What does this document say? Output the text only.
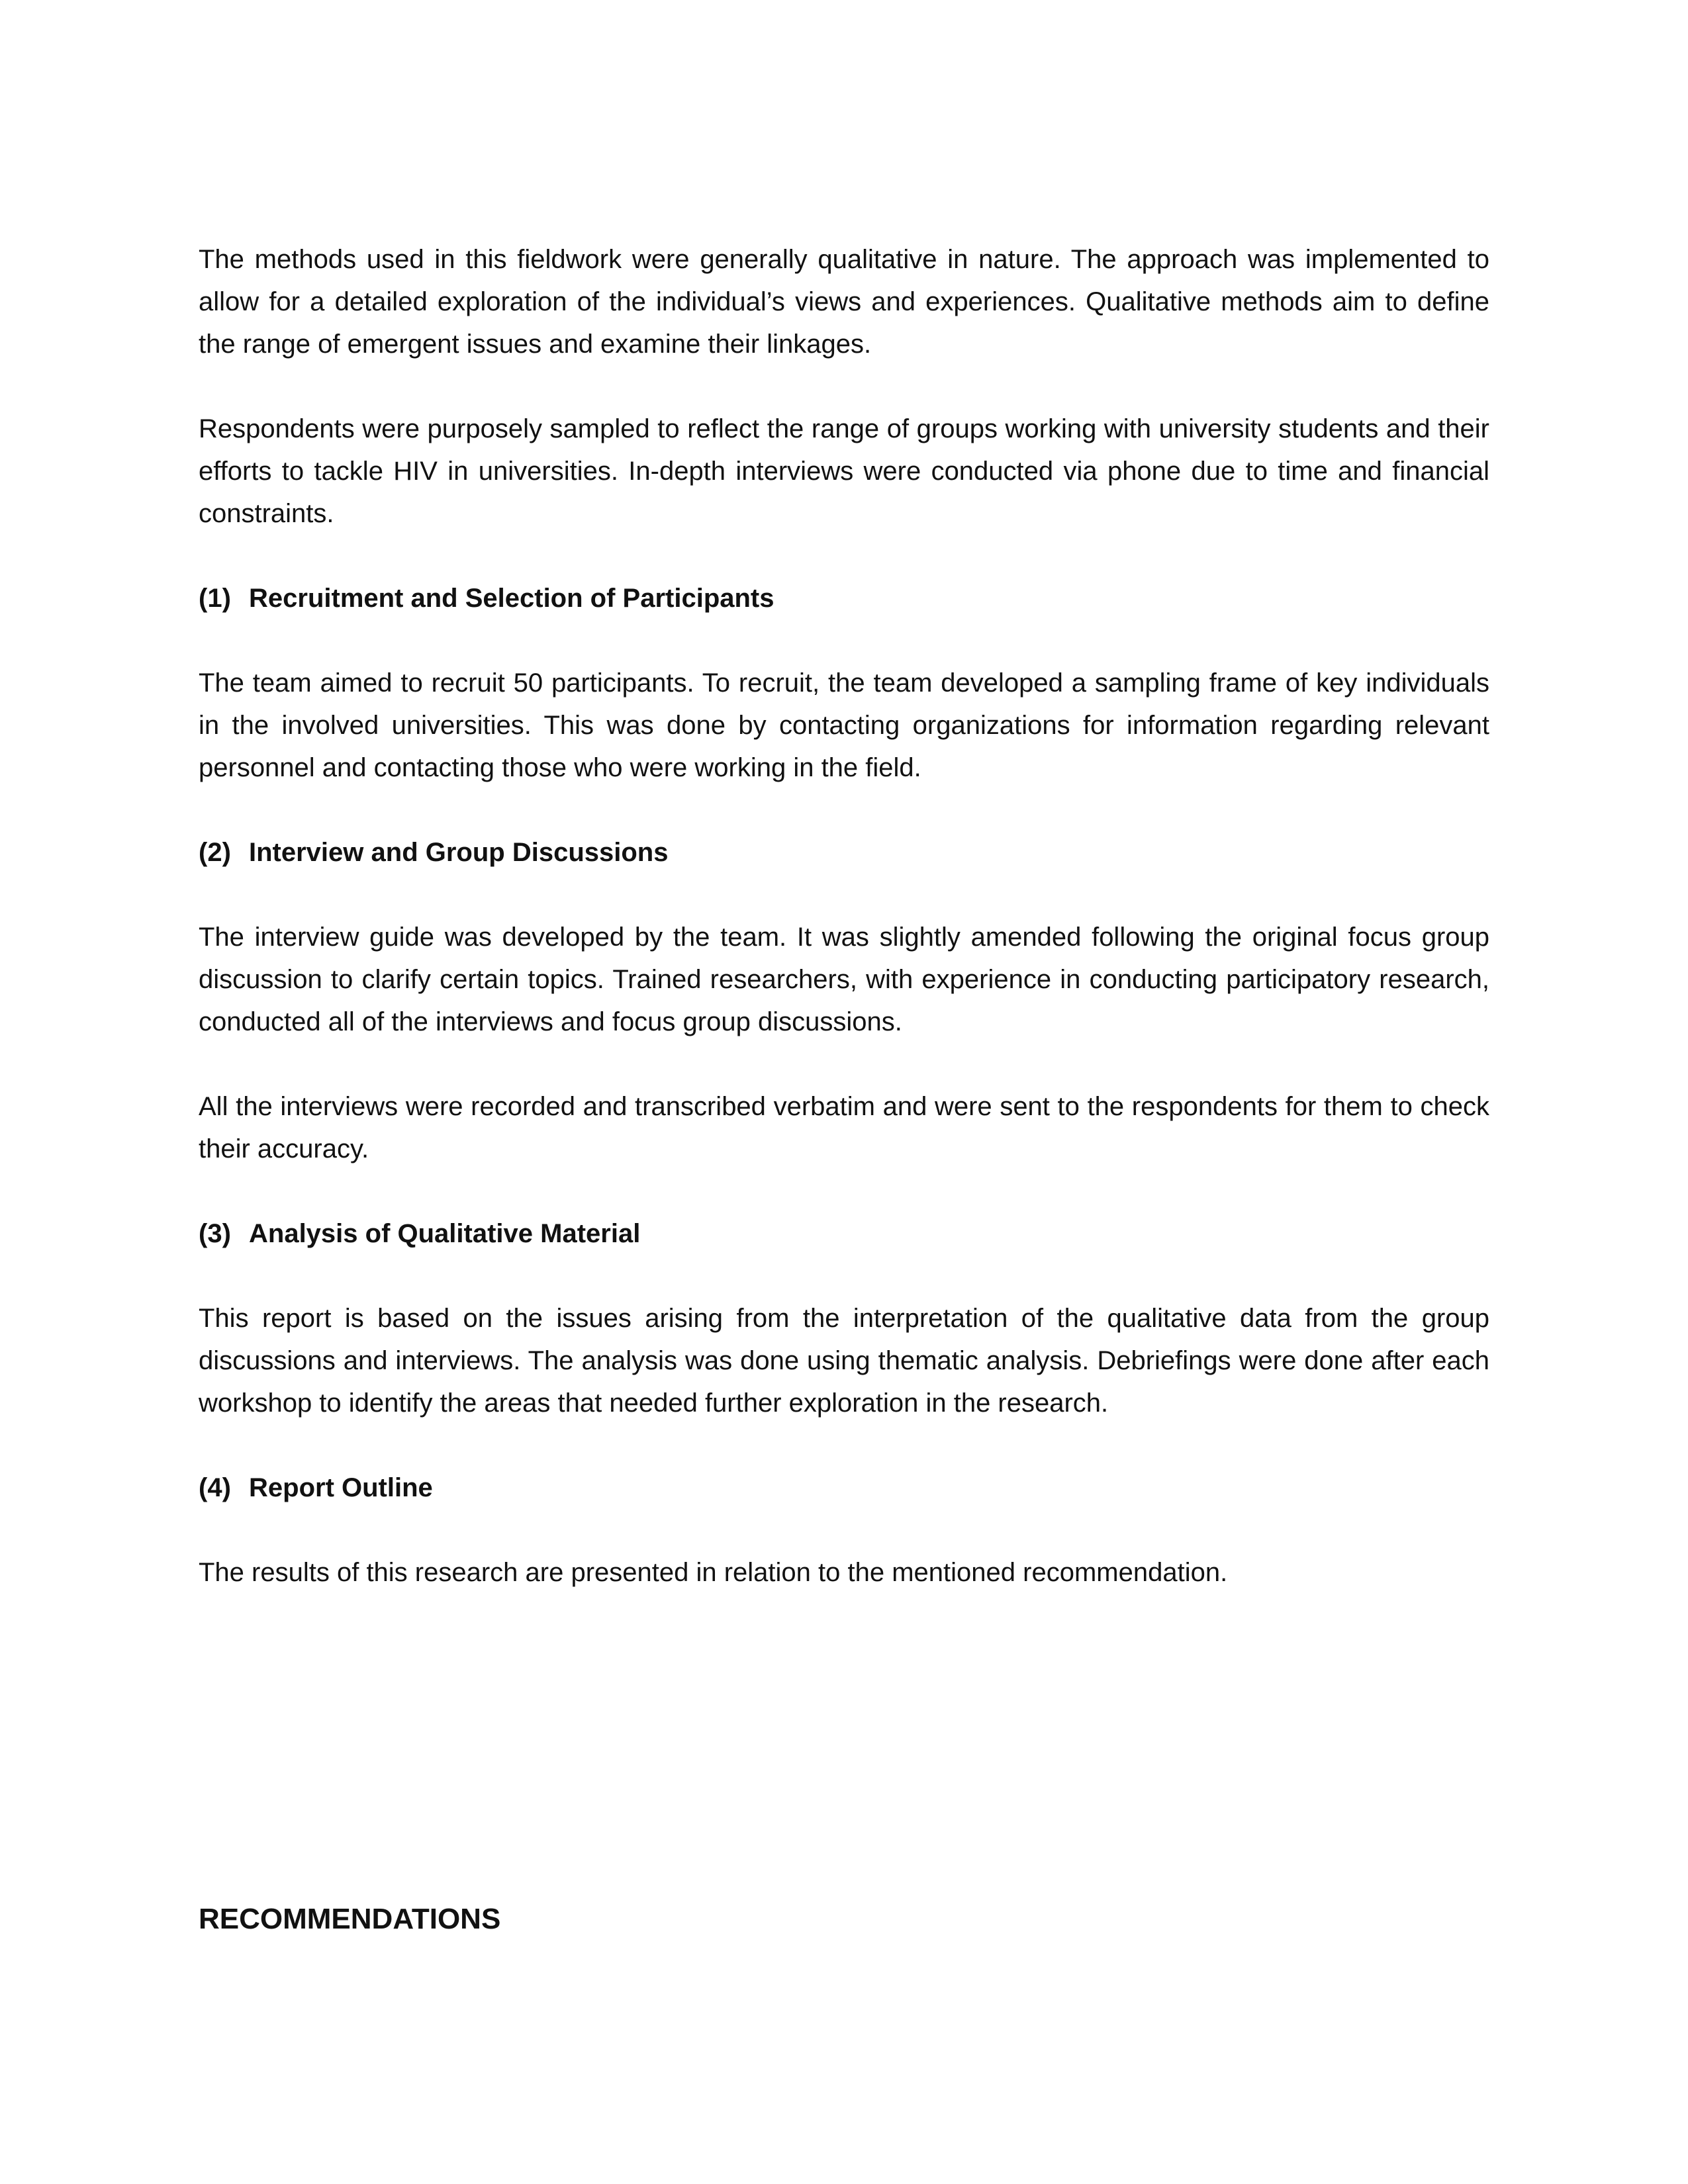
The methods used in this fieldwork were generally qualitative in nature. The approach was implemented to allow for a detailed exploration of the individual’s views and experiences. Qualitative methods aim to define the range of emergent issues and examine their linkages.

Respondents were purposely sampled to reflect the range of groups working with university students and their efforts to tackle HIV in universities. In-depth interviews were conducted via phone due to time and financial constraints.

(1) Recruitment and Selection of Participants

The team aimed to recruit 50 participants. To recruit, the team developed a sampling frame of key individuals in the involved universities. This was done by contacting organizations for information regarding relevant personnel and contacting those who were working in the field.

(2) Interview and Group Discussions

The interview guide was developed by the team. It was slightly amended following the original focus group discussion to clarify certain topics. Trained researchers, with experience in conducting participatory research, conducted all of the interviews and focus group discussions.

All the interviews were recorded and transcribed verbatim and were sent to the respondents for them to check their accuracy.

(3) Analysis of Qualitative Material

This report is based on the issues arising from the interpretation of the qualitative data from the group discussions and interviews. The analysis was done using thematic analysis. Debriefings were done after each workshop to identify the areas that needed further exploration in the research.

(4) Report Outline

The results of this research are presented in relation to the mentioned recommendation.

RECOMMENDATIONS
